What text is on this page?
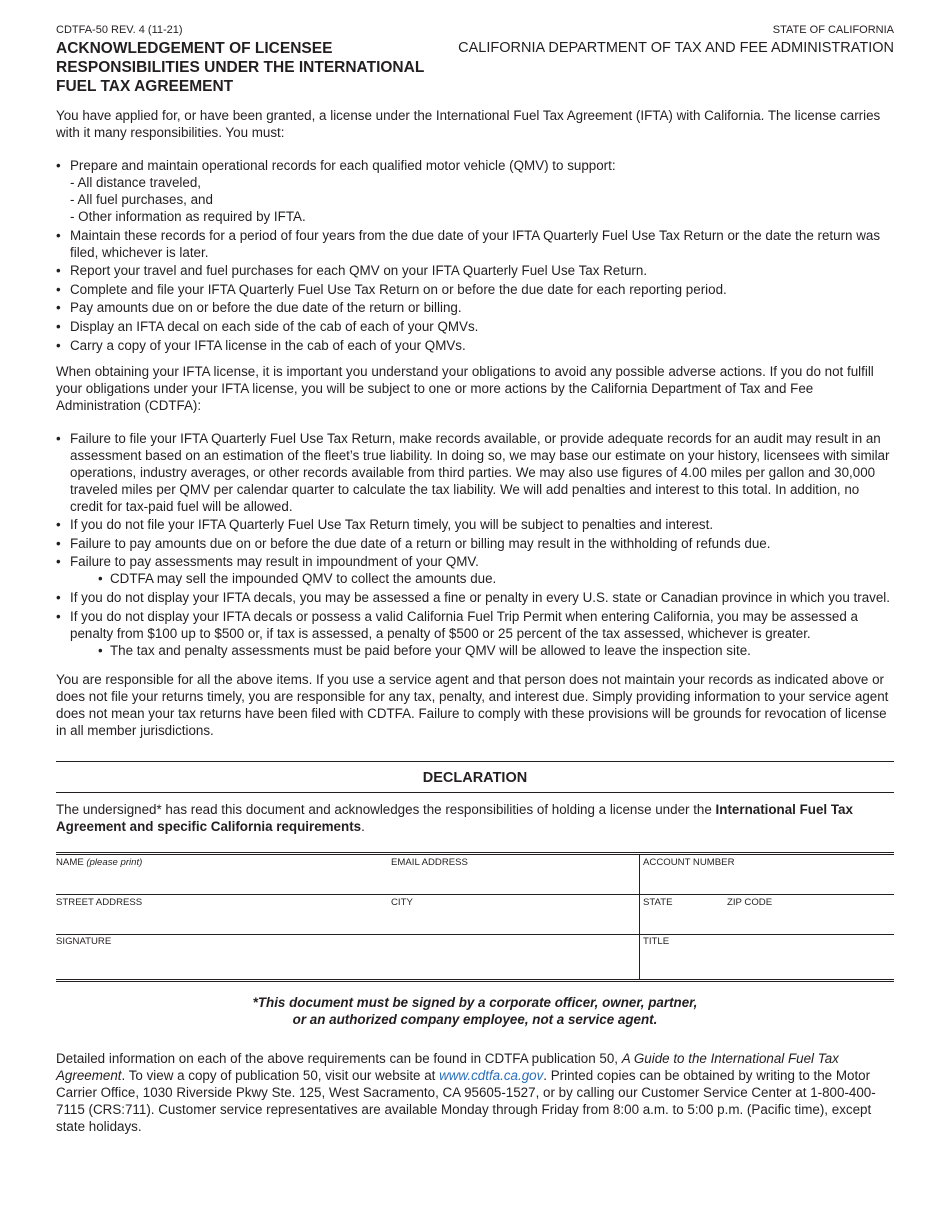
CDTFA-50 REV. 4 (11-21)
ACKNOWLEDGEMENT OF LICENSEE
RESPONSIBILITIES UNDER THE INTERNATIONAL
FUEL TAX AGREEMENT
STATE OF CALIFORNIA
CALIFORNIA DEPARTMENT OF TAX AND FEE ADMINISTRATION

You have applied for, or have been granted, a license under the International Fuel Tax Agreement (IFTA) with California. The license carries with it many responsibilities. You must:

• Prepare and maintain operational records for each qualified motor vehicle (QMV) to support:
- All distance traveled,
- All fuel purchases, and
- Other information as required by IFTA.
• Maintain these records for a period of four years from the due date of your IFTA Quarterly Fuel Use Tax Return or the date the return was filed, whichever is later.
• Report your travel and fuel purchases for each QMV on your IFTA Quarterly Fuel Use Tax Return.
• Complete and file your IFTA Quarterly Fuel Use Tax Return on or before the due date for each reporting period.
• Pay amounts due on or before the due date of the return or billing.
• Display an IFTA decal on each side of the cab of each of your QMVs.
• Carry a copy of your IFTA license in the cab of each of your QMVs.

When obtaining your IFTA license, it is important you understand your obligations to avoid any possible adverse actions. If you do not fulfill your obligations under your IFTA license, you will be subject to one or more actions by the California Department of Tax and Fee Administration (CDTFA):

• Failure to file your IFTA Quarterly Fuel Use Tax Return, make records available, or provide adequate records for an audit may result in an assessment based on an estimation of the fleet’s true liability. In doing so, we may base our estimate on your history, licensees with similar operations, industry averages, or other records available from third parties. We may also use figures of 4.00 miles per gallon and 30,000 traveled miles per QMV per calendar quarter to calculate the tax liability. We will add penalties and interest to this total. In addition, no credit for tax-paid fuel will be allowed.
• If you do not file your IFTA Quarterly Fuel Use Tax Return timely, you will be subject to penalties and interest.
• Failure to pay amounts due on or before the due date of a return or billing may result in the withholding of refunds due.
• Failure to pay assessments may result in impoundment of your QMV.
• CDTFA may sell the impounded QMV to collect the amounts due.
• If you do not display your IFTA decals, you may be assessed a fine or penalty in every U.S. state or Canadian province in which you travel.
• If you do not display your IFTA decals or possess a valid California Fuel Trip Permit when entering California, you may be assessed a penalty from $100 up to $500 or, if tax is assessed, a penalty of $500 or 25 percent of the tax assessed, whichever is greater.
• The tax and penalty assessments must be paid before your QMV will be allowed to leave the inspection site.

You are responsible for all the above items. If you use a service agent and that person does not maintain your records as indicated above or does not file your returns timely, you are responsible for any tax, penalty, and interest due. Simply providing information to your service agent does not mean your tax returns have been filed with CDTFA. Failure to comply with these provisions will be grounds for revocation of license in all member jurisdictions.

DECLARATION

The undersigned* has read this document and acknowledges the responsibilities of holding a license under the International Fuel Tax Agreement and specific California requirements.

NAME (please print)	EMAIL ADDRESS	ACCOUNT NUMBER
STREET ADDRESS	CITY	STATE	ZIP CODE
SIGNATURE	TITLE
*This document must be signed by a corporate officer, owner, partner,
or an authorized company employee, not a service agent.

Detailed information on each of the above requirements can be found in CDTFA publication 50, A Guide to the International Fuel Tax Agreement. To view a copy of publication 50, visit our website at www.cdtfa.ca.gov. Printed copies can be obtained by writing to the Motor Carrier Office, 1030 Riverside Pkwy Ste. 125, West Sacramento, CA 95605-1527, or by calling our Customer Service Center at 1-800-400-7115 (CRS:711). Customer service representatives are available Monday through Friday from 8:00 a.m. to 5:00 p.m. (Pacific time), except state holidays.
